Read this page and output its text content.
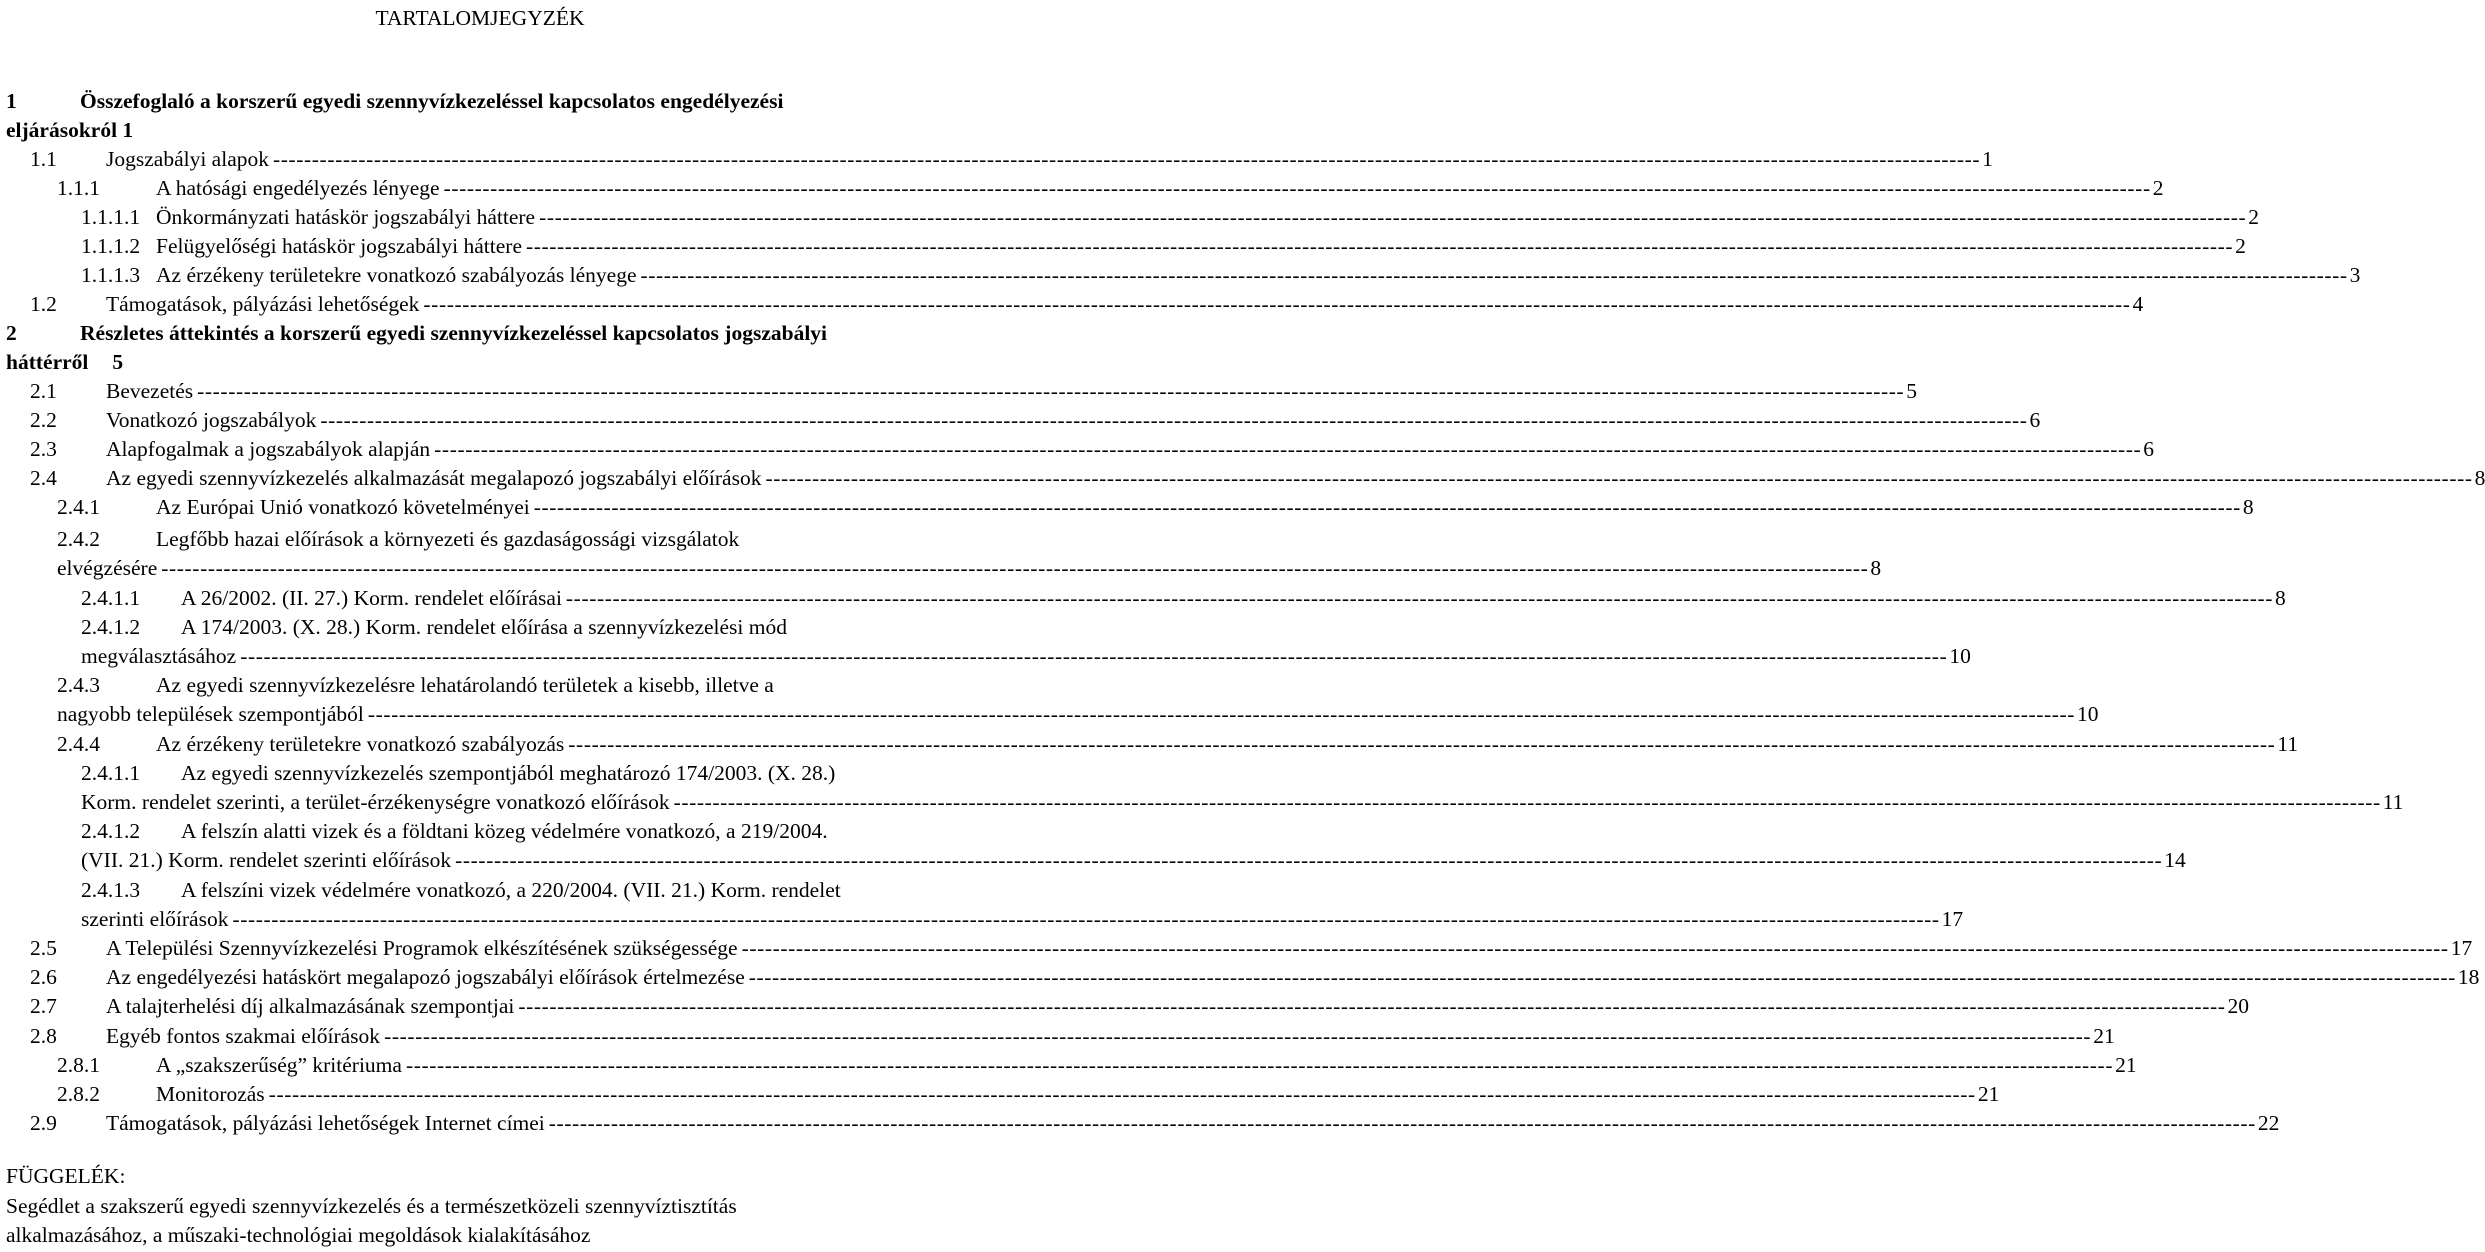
TARTALOMJEGYZÉK
1	Összefoglaló a korszerű egyedi szennyvízkezeléssel kapcsolatos engedélyezési
eljárásokról 1
1.1 Jogszabályi alapok ---------------------------------------------------------------------------------------------------------------------------------------------------------------------------------------------------------------------------- 1
1.1.1	A hatósági engedélyezés lényege ---------------------------------------------------------------------------------------------------------------------------------------------------------------------------------------------------------------------------- 2
1.1.1.1 Önkormányzati hatáskör jogszabályi háttere ---------------------------------------------------------------------------------------------------------------------------------------------------------------------------------------------------------------------------- 2
1.1.1.2 Felügyelőségi hatáskör jogszabályi háttere ---------------------------------------------------------------------------------------------------------------------------------------------------------------------------------------------------------------------------- 2
1.1.1.3 Az érzékeny területekre vonatkozó szabályozás lényege ---------------------------------------------------------------------------------------------------------------------------------------------------------------------------------------------------------------------------- 3
1.2 Támogatások, pályázási lehetőségek ---------------------------------------------------------------------------------------------------------------------------------------------------------------------------------------------------------------------------- 4
2	Részletes áttekintés a korszerű egyedi szennyvízkezeléssel kapcsolatos jogszabályi
háttérről 5
2.1 Bevezetés ---------------------------------------------------------------------------------------------------------------------------------------------------------------------------------------------------------------------------- 5
2.2 Vonatkozó jogszabályok ---------------------------------------------------------------------------------------------------------------------------------------------------------------------------------------------------------------------------- 6
2.3 Alapfogalmak a jogszabályok alapján ---------------------------------------------------------------------------------------------------------------------------------------------------------------------------------------------------------------------------- 6
2.4 Az egyedi szennyvízkezelés alkalmazását megalapozó jogszabályi előírások ---------------------------------------------------------------------------------------------------------------------------------------------------------------------------------------------------------------------------- 8
2.4.1	Az Európai Unió vonatkozó követelményei ---------------------------------------------------------------------------------------------------------------------------------------------------------------------------------------------------------------------------- 8
2.4.2	Legfőbb hazai előírások a környezeti és gazdaságossági vizsgálatok
elvégzésére ---------------------------------------------------------------------------------------------------------------------------------------------------------------------------------------------------------------------------- 8
2.4.1.1 A 26/2002. (II. 27.) Korm. rendelet előírásai ---------------------------------------------------------------------------------------------------------------------------------------------------------------------------------------------------------------------------- 8
2.4.1.2 A 174/2003. (X. 28.) Korm. rendelet előírása a szennyvízkezelési mód
megválasztásához ---------------------------------------------------------------------------------------------------------------------------------------------------------------------------------------------------------------------------- 10
2.4.3	Az egyedi szennyvízkezelésre lehatárolandó területek a kisebb, illetve a
nagyobb települések szempontjából ---------------------------------------------------------------------------------------------------------------------------------------------------------------------------------------------------------------------------- 10
2.4.4	Az érzékeny területekre vonatkozó szabályozás ---------------------------------------------------------------------------------------------------------------------------------------------------------------------------------------------------------------------------- 11
2.4.1.1 Az egyedi szennyvízkezelés szempontjából meghatározó 174/2003. (X. 28.)
Korm. rendelet szerinti, a terület-érzékenységre vonatkozó előírások ---------------------------------------------------------------------------------------------------------------------------------------------------------------------------------------------------------------------------- 11
2.4.1.2 A felszín alatti vizek és a földtani közeg védelmére vonatkozó, a 219/2004.
(VII. 21.) Korm. rendelet szerinti előírások ---------------------------------------------------------------------------------------------------------------------------------------------------------------------------------------------------------------------------- 14
2.4.1.3 A felszíni vizek védelmére vonatkozó, a 220/2004. (VII. 21.) Korm. rendelet
szerinti előírások ---------------------------------------------------------------------------------------------------------------------------------------------------------------------------------------------------------------------------- 17
2.5 A Települési Szennyvízkezelési Programok elkészítésének szükségessége ---------------------------------------------------------------------------------------------------------------------------------------------------------------------------------------------------------------------------- 17
2.6 Az engedélyezési hatáskört megalapozó jogszabályi előírások értelmezése ---------------------------------------------------------------------------------------------------------------------------------------------------------------------------------------------------------------------------- 18
2.7 A talajterhelési díj alkalmazásának szempontjai ---------------------------------------------------------------------------------------------------------------------------------------------------------------------------------------------------------------------------- 20
2.8 Egyéb fontos szakmai előírások ---------------------------------------------------------------------------------------------------------------------------------------------------------------------------------------------------------------------------- 21
2.8.1	A „szakszerűség” kritériuma ---------------------------------------------------------------------------------------------------------------------------------------------------------------------------------------------------------------------------- 21
2.8.2	Monitorozás ---------------------------------------------------------------------------------------------------------------------------------------------------------------------------------------------------------------------------- 21
2.9 Támogatások, pályázási lehetőségek Internet címei ---------------------------------------------------------------------------------------------------------------------------------------------------------------------------------------------------------------------------- 22
FÜGGELÉK:
Segédlet a szakszerű egyedi szennyvízkezelés és a természetközeli szennyvíztisztítás
alkalmazásához, a műszaki-technológiai megoldások kialakításához
